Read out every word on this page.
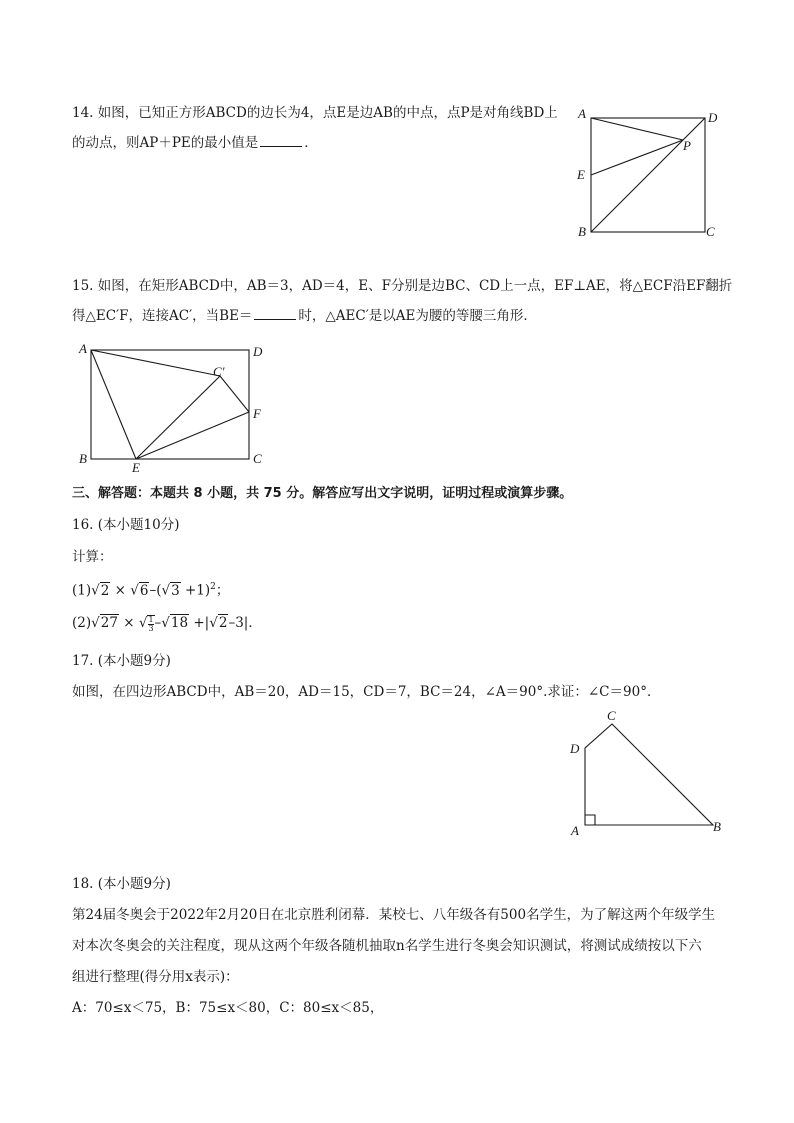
14. 如图，已知正方形ABCD的边长为4，点E是边AB的中点，点P是对角线BD上
的动点，则AP＋PE的最小值是	．
A	D
P
E
B	C
15. 如图，在矩形ABCD中，AB＝3，AD＝4，E、F分别是边BC、CD上一点，EF⊥AE，将△ECF沿EF翻折
得△EC′F，连接AC′，当BE＝	时，△AEC′是以AE为腰的等腰三角形．
A	D
C′
F
B
E
C
三、解答题：本题共 8 小题，共 75 分。解答应写出文字说明，证明过程或演算步骤。
16. (本小题10分)
计算：
$(1)√2 \times √6-(√3 +1)^2$；
(2)√27 × √ $\frac{1}{3} -√18 +|√2-3|$．
17. (本小题9分)
如图，在四边形ABCD中，AB＝20，AD＝15，CD＝7，BC＝24，∠A＝90°.求证：∠C＝90°．
C
D
A	B
18. (本小题9分)
第24届冬奥会于2022年2月20日在北京胜利闭幕．某校七、八年级各有500名学生，为了解这两个年级学生
对本次冬奥会的关注程度，现从这两个年级各随机抽取n名学生进行冬奥会知识测试，将测试成绩按以下六
组进行整理(得分用x表示)：
A：70≤x＜75，B：75≤x＜80，C：80≤x＜85，
